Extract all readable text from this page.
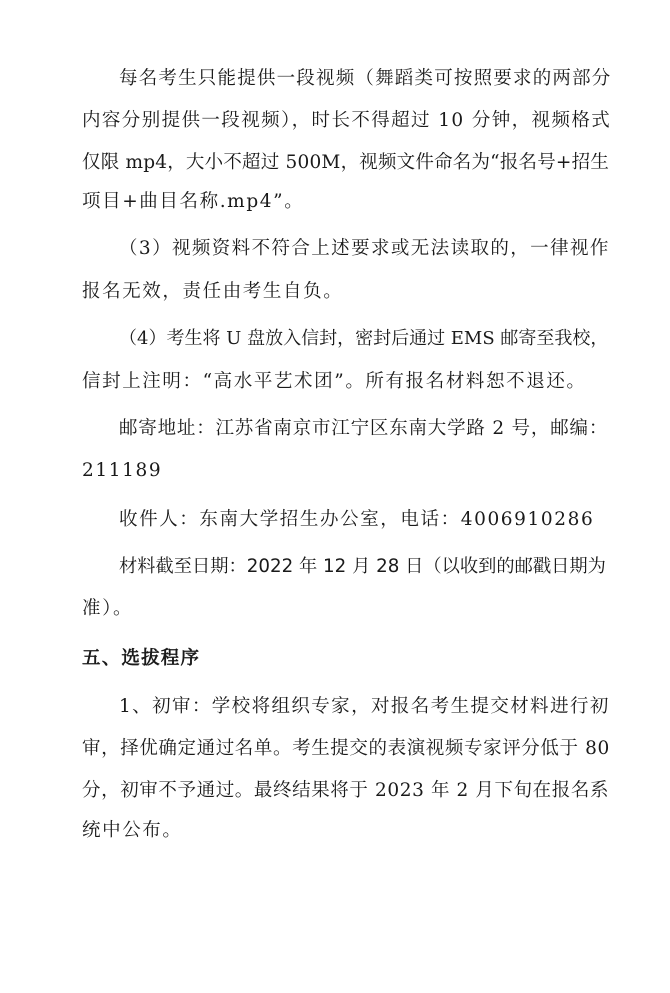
每名考生只能提供一段视频（舞蹈类可按照要求的两部分
内容分别提供一段视频），时长不得超过 10 分钟，视频格式
仅限 mp4，大小不超过 500M，视频文件命名为“报名号+招生
项目+曲目名称.mp4”。
（3）视频资料不符合上述要求或无法读取的，一律视作
报名无效，责任由考生自负。
（4）考生将 U 盘放入信封，密封后通过 EMS 邮寄至我校，
信封上注明：“高水平艺术团”。所有报名材料恕不退还。
邮寄地址：江苏省南京市江宁区东南大学路 2 号，邮编：
211189
收件人：东南大学招生办公室，电话：4006910286
材料截至日期：2022 年 12 月 28 日（以收到的邮戳日期为
准）。
五、选拔程序
1、初审：学校将组织专家，对报名考生提交材料进行初
审，择优确定通过名单。考生提交的表演视频专家评分低于 80
分，初审不予通过。最终结果将于 2023 年 2 月下旬在报名系
统中公布。
